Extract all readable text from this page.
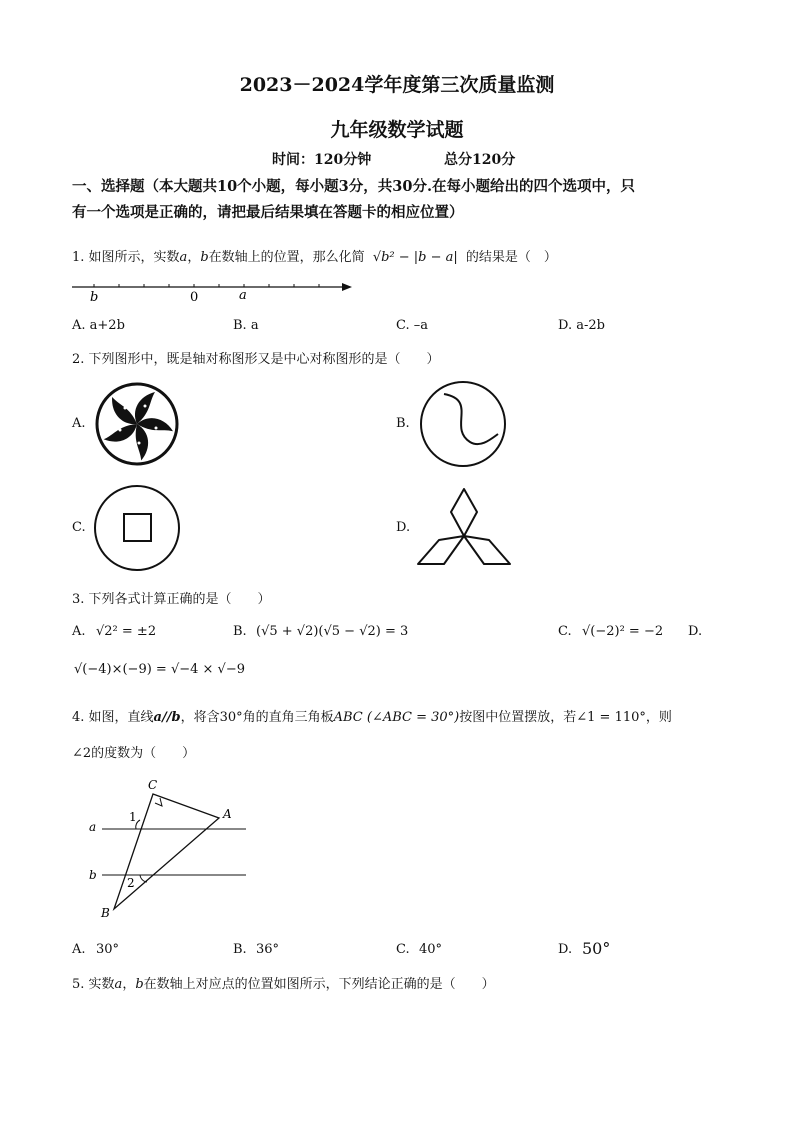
2023－2024学年度第三次质量监测
九年级数学试题
时间：120分钟	总分120分
一、选择题（本大题共10个小题，每小题3分，共30分.在每小题给出的四个选项中，只
有一个选项是正确的，请把最后结果填在答题卡的相应位置）
1. 如图所示，实数a，b在数轴上的位置，那么化简 √b² − |b − a| 的结果是（　）
b	0	a
A. a+2b	B. a	C. –a	D. a-2b
2. 下列图形中，既是轴对称图形又是中心对称图形的是（　　）
A.	B.
C.	D.
3. 下列各式计算正确的是（　　）
A. √2² = ±2	B. (√5 + √2)(√5 − √2) = 3	C. √(−2)² = −2 D.
√(−4)×(−9) = √−4 × √−9
4. 如图，直线a//b，将含30°角的直角三角板ABC (∠ABC = 30°)按图中位置摆放，若∠1 = 110°，则
∠2的度数为（　　）
C
A
B
a
b
1
2
A. 30°	B. 36°	C. 40°	D. 50°
5. 实数a，b在数轴上对应点的位置如图所示，下列结论正确的是（　　）
